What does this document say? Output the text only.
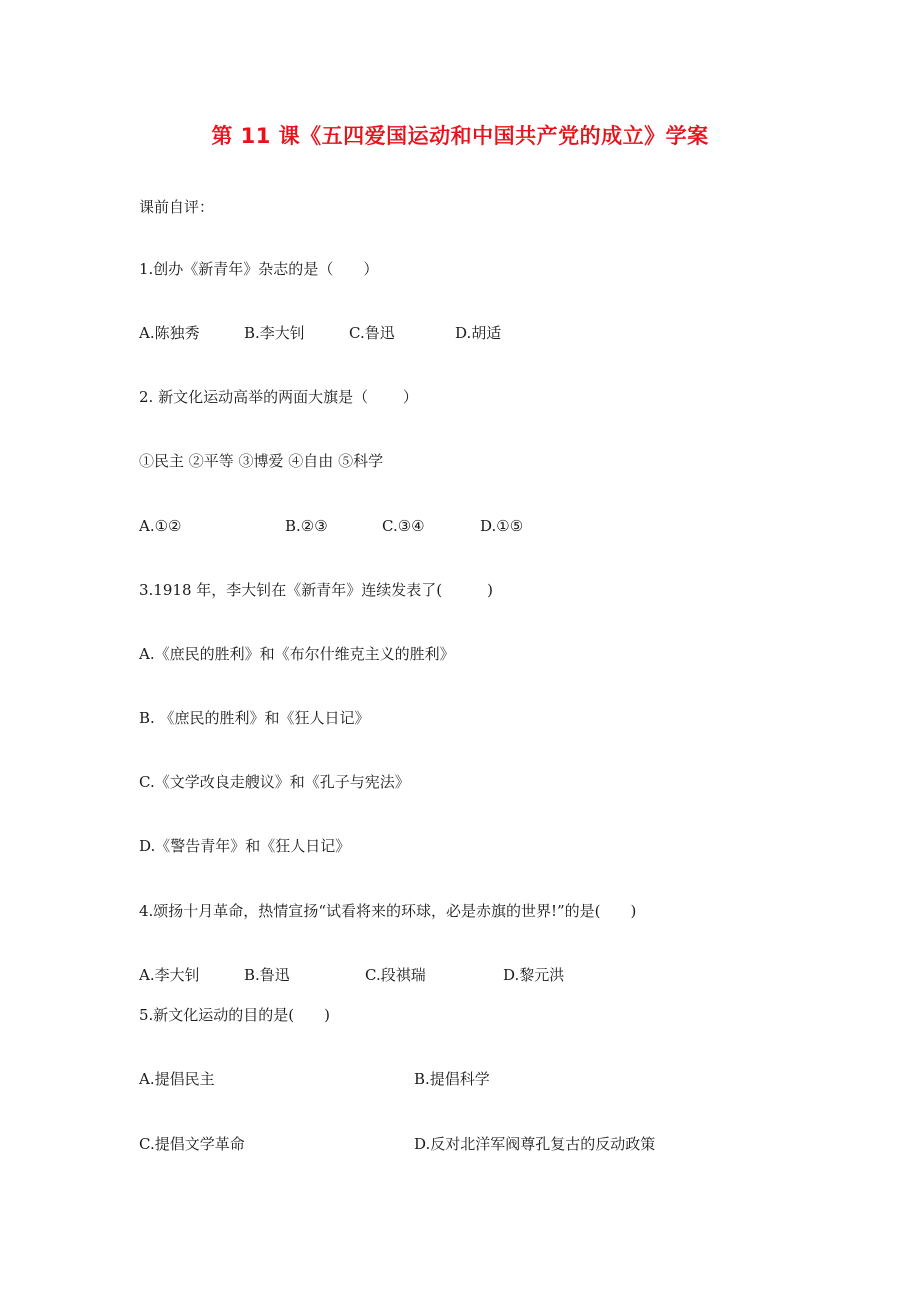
第 11 课《五四爱国运动和中国共产党的成立》学案
课前自评：
1.创办《新青年》杂志的是（　　）
A.陈独秀	B.李大钊	C.鲁迅	D.胡适
2. 新文化运动高举的两面大旗是（　　 ）
①民主 ②平等 ③博爱 ④自由 ⑤科学
A.①②	B.②③	C.③④	D.①⑤
3.1918 年，李大钊在《新青年》连续发表了(　　　)
A.《庶民的胜利》和《布尔什维克主义的胜利》
B. 《庶民的胜利》和《狂人日记》
C.《文学改良走艘议》和《孔子与宪法》
D.《警告青年》和《狂人日记》
4.颂扬十月革命，热情宣扬“试看将来的环球，必是赤旗的世界!”的是(　　)
A.李大钊	B.鲁迅	C.段祺瑞	D.黎元洪
5.新文化运动的目的是(　　)
A.提倡民主	B.提倡科学
C.提倡文学革命	D.反对北洋军阀尊孔复古的反动政策
